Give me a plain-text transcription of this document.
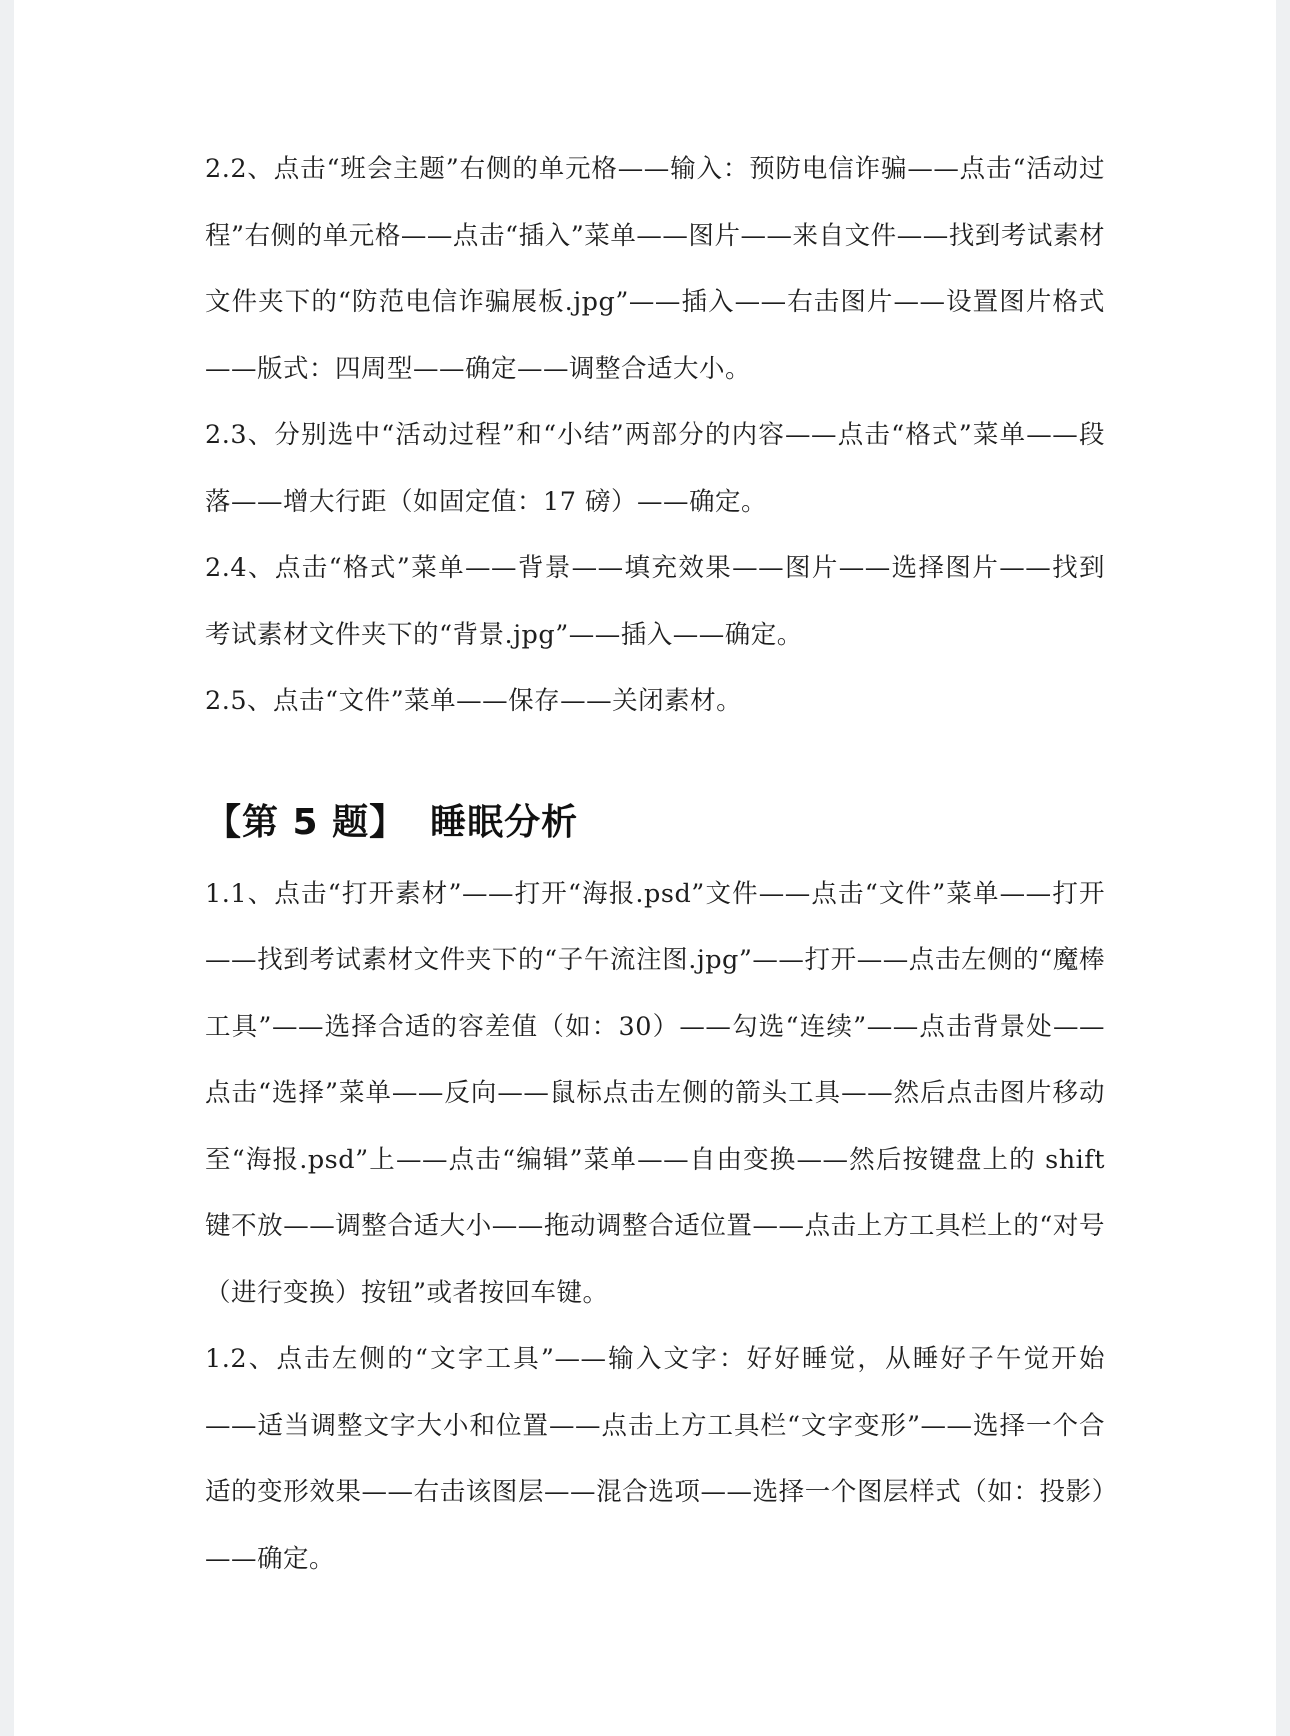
2.2、点击“班会主题”右侧的单元格——输入：预防电信诈骗——点击“活动过程”右侧的单元格——点击“插入”菜单——图片——来自文件——找到考试素材文件夹下的“防范电信诈骗展板.jpg”——插入——右击图片——设置图片格式——版式：四周型——确定——调整合适大小。

2.3、分别选中“活动过程”和“小结”两部分的内容——点击“格式”菜单——段落——增大行距（如固定值：17 磅）——确定。

2.4、点击“格式”菜单——背景——填充效果——图片——选择图片——找到考试素材文件夹下的“背景.jpg”——插入——确定。

2.5、点击“文件”菜单——保存——关闭素材。

【第 5 题】 睡眠分析

1.1、点击“打开素材”——打开“海报.psd”文件——点击“文件”菜单——打开——找到考试素材文件夹下的“子午流注图.jpg”——打开——点击左侧的“魔棒工具”——选择合适的容差值（如：30）——勾选“连续”——点击背景处——点击“选择”菜单——反向——鼠标点击左侧的箭头工具——然后点击图片移动至“海报.psd”上——点击“编辑”菜单——自由变换——然后按键盘上的 shift 键不放——调整合适大小——拖动调整合适位置——点击上方工具栏上的“对号（进行变换）按钮”或者按回车键。

1.2、点击左侧的“文字工具”——输入文字：好好睡觉，从睡好子午觉开始——适当调整文字大小和位置——点击上方工具栏“文字变形”——选择一个合适的变形效果——右击该图层——混合选项——选择一个图层样式（如：投影）——确定。
